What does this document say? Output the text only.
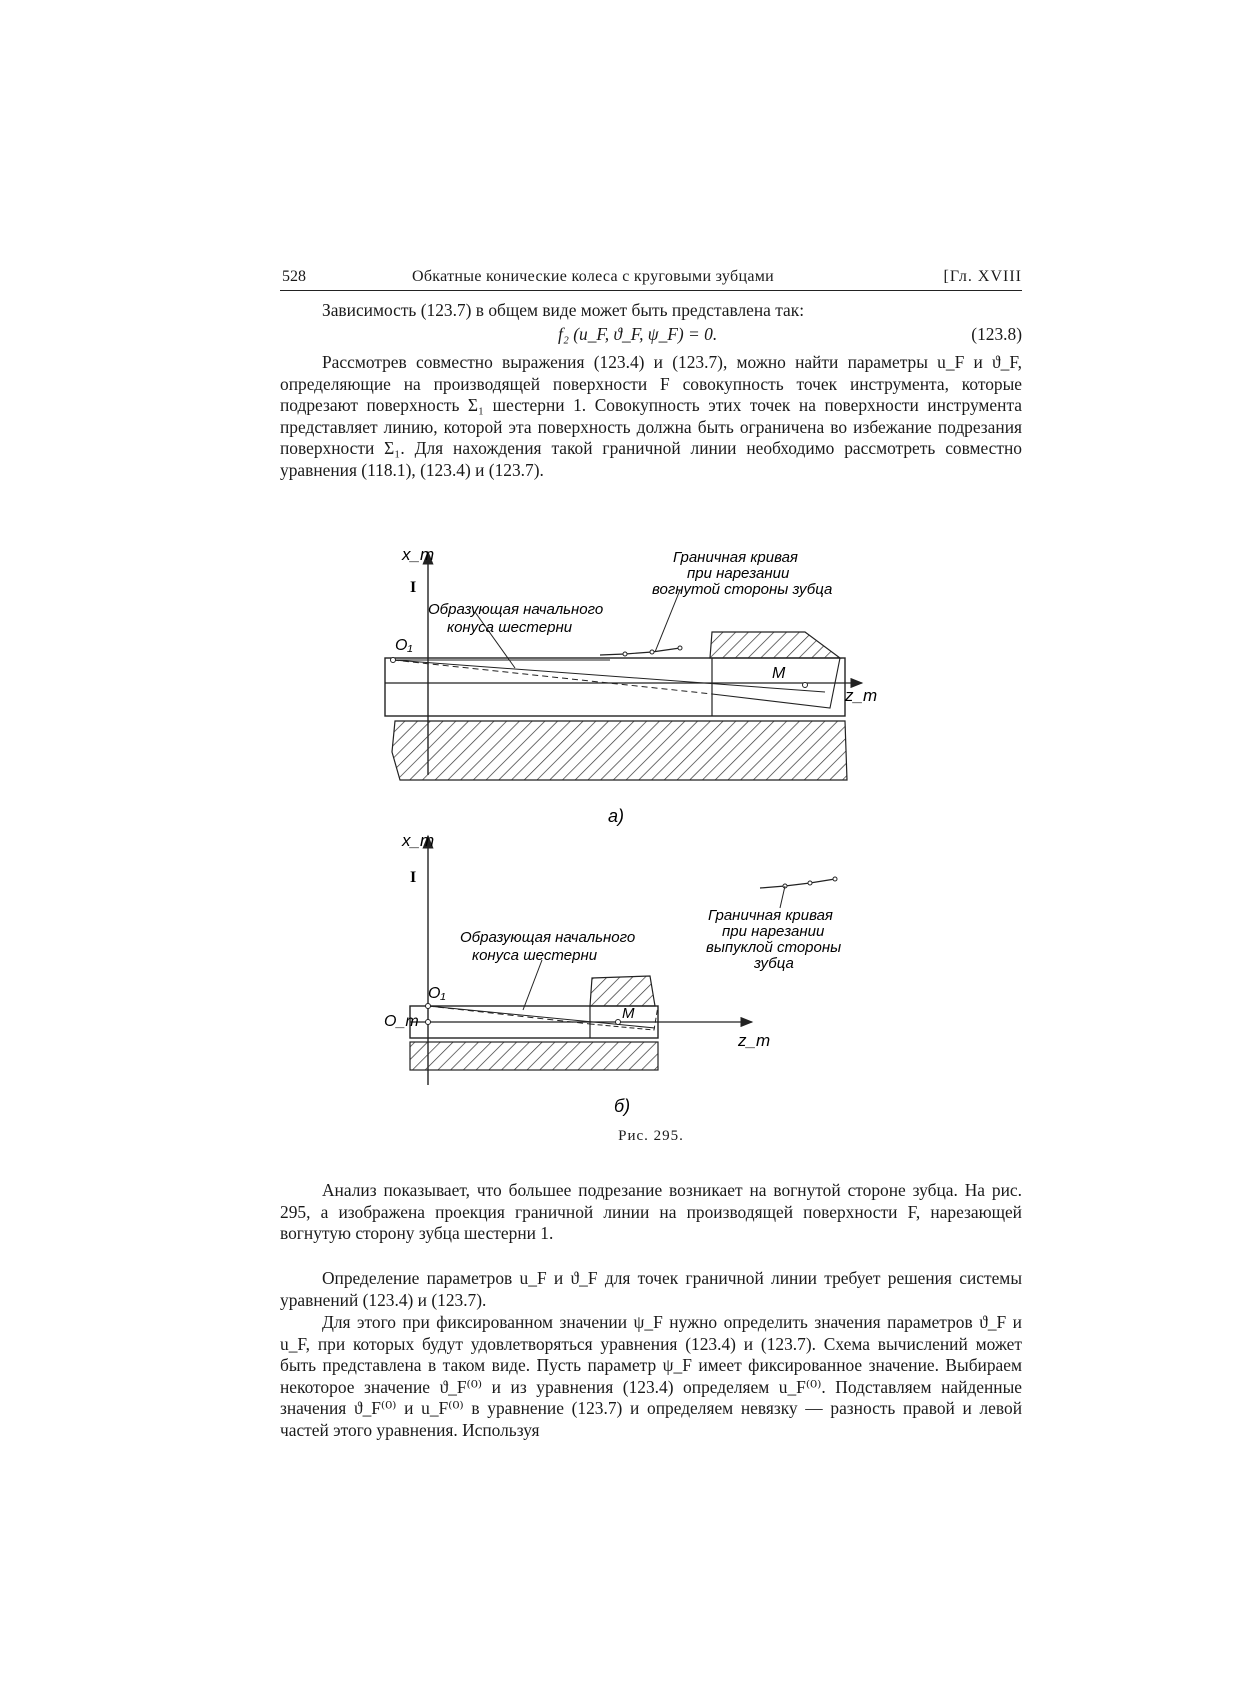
528	Обкатные конические колеса с круговыми зубцами	[Гл. XVIII

Зависимость (123.7) в общем виде может быть представлена так:

f₂ (u_F, ϑ_F, ψ_F) = 0.	(123.8)

Рассмотрев совместно выражения (123.4) и (123.7), можно найти параметры u_F и ϑ_F, определяющие на производящей поверхности F совокупность точек инструмента, которые подрезают поверхность Σ₁ шестерни 1. Совокупность этих точек на поверхности инструмента представляет линию, которой эта поверхность должна быть ограничена во избежание подрезания поверхности Σ₁. Для нахождения такой граничной линии необходимо рассмотреть совместно уравнения (118.1), (123.4) и (123.7).

x_m
I
z_m
O₁
M
Образующая начального
конуса шестерни
Граничная кривая
при нарезании
вогнутой стороны зубца
а)
x_m
I
z_m
O₁
O_m	M
Образующая начального
конуса шестерни
Граничная кривая
при нарезании
выпуклой стороны
зубца
б)
Рис. 295.

Анализ показывает, что большее подрезание возникает на вогнутой стороне зубца. На рис. 295, а изображена проекция граничной линии на производящей поверхности F, нарезающей вогнутую сторону зубца шестерни 1.

Определение параметров u_F и ϑ_F для точек граничной линии требует решения системы уравнений (123.4) и (123.7).

Для этого при фиксированном значении ψ_F нужно определить значения параметров ϑ_F и u_F, при которых будут удовлетворяться уравнения (123.4) и (123.7). Схема вычислений может быть представлена в таком виде. Пусть параметр ψ_F имеет фиксированное значение. Выбираем некоторое значение ϑ_F⁽⁰⁾ и из уравнения (123.4) определяем u_F⁽⁰⁾. Подставляем найденные значения ϑ_F⁽⁰⁾ и u_F⁽⁰⁾ в уравнение (123.7) и определяем невязку — разность правой и левой частей этого уравнения. Используя
